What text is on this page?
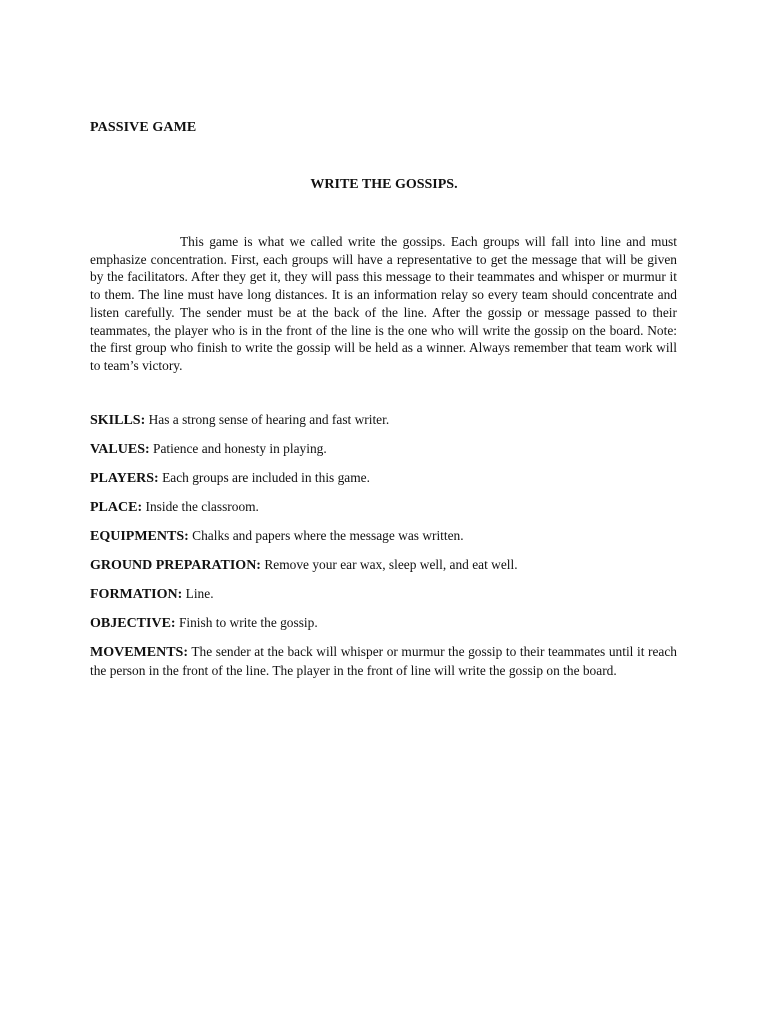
PASSIVE GAME
WRITE THE GOSSIPS.

This game is what we called write the gossips. Each groups will fall into line and must emphasize concentration. First, each groups will have a representative to get the message that will be given by the facilitators. After they get it, they will pass this message to their teammates and whisper or murmur it to them. The line must have long distances. It is an information relay so every team should concentrate and listen carefully. The sender must be at the back of the line. After the gossip or message passed to their teammates, the player who is in the front of the line is the one who will write the gossip on the board. Note: the first group who finish to write the gossip will be held as a winner. Always remember that team work will to team’s victory.

SKILLS: Has a strong sense of hearing and fast writer.
VALUES: Patience and honesty in playing.
PLAYERS: Each groups are included in this game.
PLACE: Inside the classroom.
EQUIPMENTS: Chalks and papers where the message was written.
GROUND PREPARATION: Remove your ear wax, sleep well, and eat well.
FORMATION: Line.
OBJECTIVE: Finish to write the gossip.
MOVEMENTS: The sender at the back will whisper or murmur the gossip to their teammates until it reach the person in the front of the line. The player in the front of line will write the gossip on the board.
